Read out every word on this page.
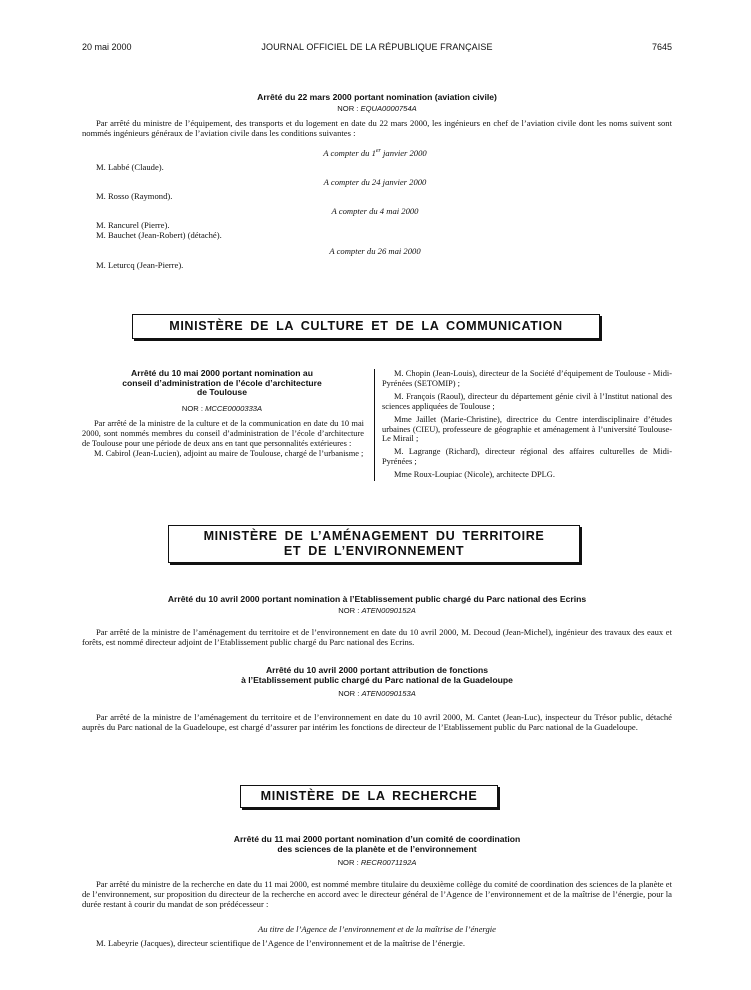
20 mai 2000	JOURNAL OFFICIEL DE LA RÉPUBLIQUE FRANÇAISE	7645
Arrêté du 22 mars 2000 portant nomination (aviation civile)
NOR : EQUA0000754A

Par arrêté du ministre de l’équipement, des transports et du logement en date du 22 mars 2000, les ingénieurs en chef de l’aviation civile dont les noms suivent sont nommés ingénieurs généraux de l’aviation civile dans les conditions suivantes :

A compter du 1er janvier 2000
M. Labbé (Claude).
A compter du 24 janvier 2000
M. Rosso (Raymond).
A compter du 4 mai 2000
M. Rancurel (Pierre).
M. Bauchet (Jean-Robert) (détaché).
A compter du 26 mai 2000
M. Leturcq (Jean-Pierre).
MINISTÈRE DE LA CULTURE ET DE LA COMMUNICATION
Arrêté du 10 mai 2000 portant nomination au
conseil d’administration de l’école d’architecture
de Toulouse
NOR : MCCE0000333A

Par arrêté de la ministre de la culture et de la communication en date du 10 mai 2000, sont nommés membres du conseil d’administration de l’école d’architecture de Toulouse pour une période de deux ans en tant que personnalités extérieures :

M. Cabirol (Jean-Lucien), adjoint au maire de Toulouse, chargé de l’urbanisme ;

M. Chopin (Jean-Louis), directeur de la Société d’équipement de Toulouse - Midi-Pyrénées (SETOMIP) ;

M. François (Raoul), directeur du département génie civil à l’Institut national des sciences appliquées de Toulouse ;

Mme Jaillet (Marie-Christine), directrice du Centre interdisciplinaire d’études urbaines (CIEU), professeure de géographie et aménagement à l’université Toulouse-Le Mirail ;

M. Lagrange (Richard), directeur régional des affaires culturelles de Midi-Pyrénées ;

Mme Roux-Loupiac (Nicole), architecte DPLG.

MINISTÈRE DE L’AMÉNAGEMENT DU TERRITOIRE
ET DE L’ENVIRONNEMENT
Arrêté du 10 avril 2000 portant nomination à l’Etablissement public chargé du Parc national des Ecrins
NOR : ATEN0090152A

Par arrêté de la ministre de l’aménagement du territoire et de l’environnement en date du 10 avril 2000, M. Decoud (Jean-Michel), ingénieur des travaux des eaux et forêts, est nommé directeur adjoint de l’Etablissement public chargé du Parc national des Ecrins.

Arrêté du 10 avril 2000 portant attribution de fonctions
à l’Etablissement public chargé du Parc national de la Guadeloupe
NOR : ATEN0090153A

Par arrêté de la ministre de l’aménagement du territoire et de l’environnement en date du 10 avril 2000, M. Cantet (Jean-Luc), inspecteur du Trésor public, détaché auprès du Parc national de la Guadeloupe, est chargé d’assurer par intérim les fonctions de directeur de l’Etablissement public du Parc national de la Guadeloupe.

MINISTÈRE DE LA RECHERCHE
Arrêté du 11 mai 2000 portant nomination d’un comité de coordination
des sciences de la planète et de l’environnement
NOR : RECR0071192A

Par arrêté du ministre de la recherche en date du 11 mai 2000, est nommé membre titulaire du deuxième collège du comité de coordination des sciences de la planète et de l’environnement, sur proposition du directeur de la recherche en accord avec le directeur général de l’Agence de l’environnement et de la maîtrise de l’énergie, pour la durée restant à courir du mandat de son prédécesseur :

Au titre de l’Agence de l’environnement et de la maîtrise de l’énergie
M. Labeyrie (Jacques), directeur scientifique de l’Agence de l’environnement et de la maîtrise de l’énergie.
